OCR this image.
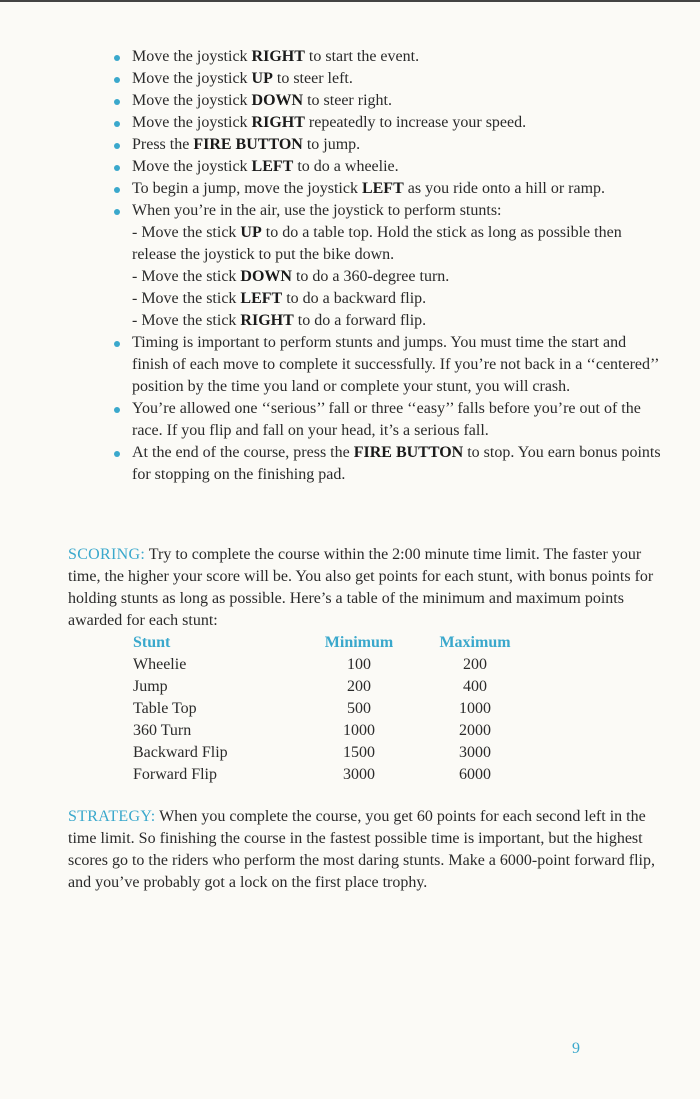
Move the joystick RIGHT to start the event.
Move the joystick UP to steer left.
Move the joystick DOWN to steer right.
Move the joystick RIGHT repeatedly to increase your speed.
Press the FIRE BUTTON to jump.
Move the joystick LEFT to do a wheelie.
To begin a jump, move the joystick LEFT as you ride onto a hill or ramp.
When you’re in the air, use the joystick to perform stunts:
- Move the stick UP to do a table top. Hold the stick as long as possible then release the joystick to put the bike down.
- Move the stick DOWN to do a 360-degree turn.
- Move the stick LEFT to do a backward flip.
- Move the stick RIGHT to do a forward flip.
Timing is important to perform stunts and jumps. You must time the start and finish of each move to complete it successfully. If you’re not back in a ‘‘centered’’ position by the time you land or complete your stunt, you will crash.
You’re allowed one ‘‘serious’’ fall or three ‘‘easy’’ falls before you’re out of the race. If you flip and fall on your head, it’s a serious fall.
At the end of the course, press the FIRE BUTTON to stop. You earn bonus points for stopping on the finishing pad.
SCORING: Try to complete the course within the 2:00 minute time limit. The faster your time, the higher your score will be. You also get points for each stunt, with bonus points for holding stunts as long as possible. Here’s a table of the minimum and maximum points awarded for each stunt:
Stunt	Minimum	Maximum
Wheelie	100	200
Jump	200	400
Table Top	500	1000
360 Turn	1000	2000
Backward Flip	1500	3000
Forward Flip	3000	6000
STRATEGY: When you complete the course, you get 60 points for each second left in the time limit. So finishing the course in the fastest possible time is important, but the highest scores go to the riders who perform the most daring stunts. Make a 6000-point forward flip, and you’ve probably got a lock on the first place trophy.
9
